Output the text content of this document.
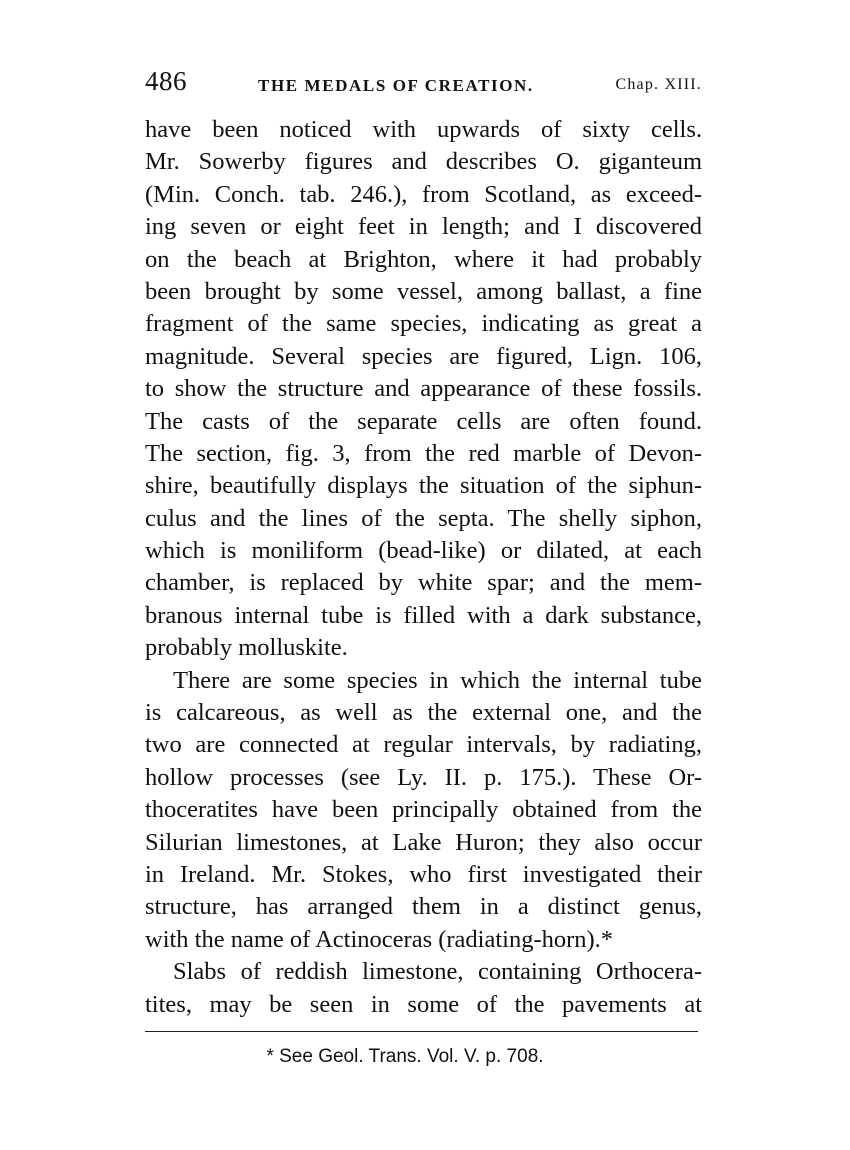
486	THE MEDALS OF CREATION.	Chap. XIII.
have been noticed with upwards of sixty cells.
Mr. Sowerby figures and describes O. giganteum
(Min. Conch. tab. 246.), from Scotland, as exceed-
ing seven or eight feet in length; and I discovered
on the beach at Brighton, where it had probably
been brought by some vessel, among ballast, a fine
fragment of the same species, indicating as great a
magnitude. Several species are figured, Lign. 106,
to show the structure and appearance of these fossils.
The casts of the separate cells are often found.
The section, fig. 3, from the red marble of Devon-
shire, beautifully displays the situation of the siphun-
culus and the lines of the septa. The shelly siphon,
which is moniliform (bead-like) or dilated, at each
chamber, is replaced by white spar; and the mem-
branous internal tube is filled with a dark substance,
probably molluskite.
There are some species in which the internal tube
is calcareous, as well as the external one, and the
two are connected at regular intervals, by radiating,
hollow processes (see Ly. II. p. 175.). These Or-
thoceratites have been principally obtained from the
Silurian limestones, at Lake Huron; they also occur
in Ireland. Mr. Stokes, who first investigated their
structure, has arranged them in a distinct genus,
with the name of Actinoceras (radiating-horn).*
Slabs of reddish limestone, containing Orthocera-
tites, may be seen in some of the pavements at
* See Geol. Trans. Vol. V. p. 708.
